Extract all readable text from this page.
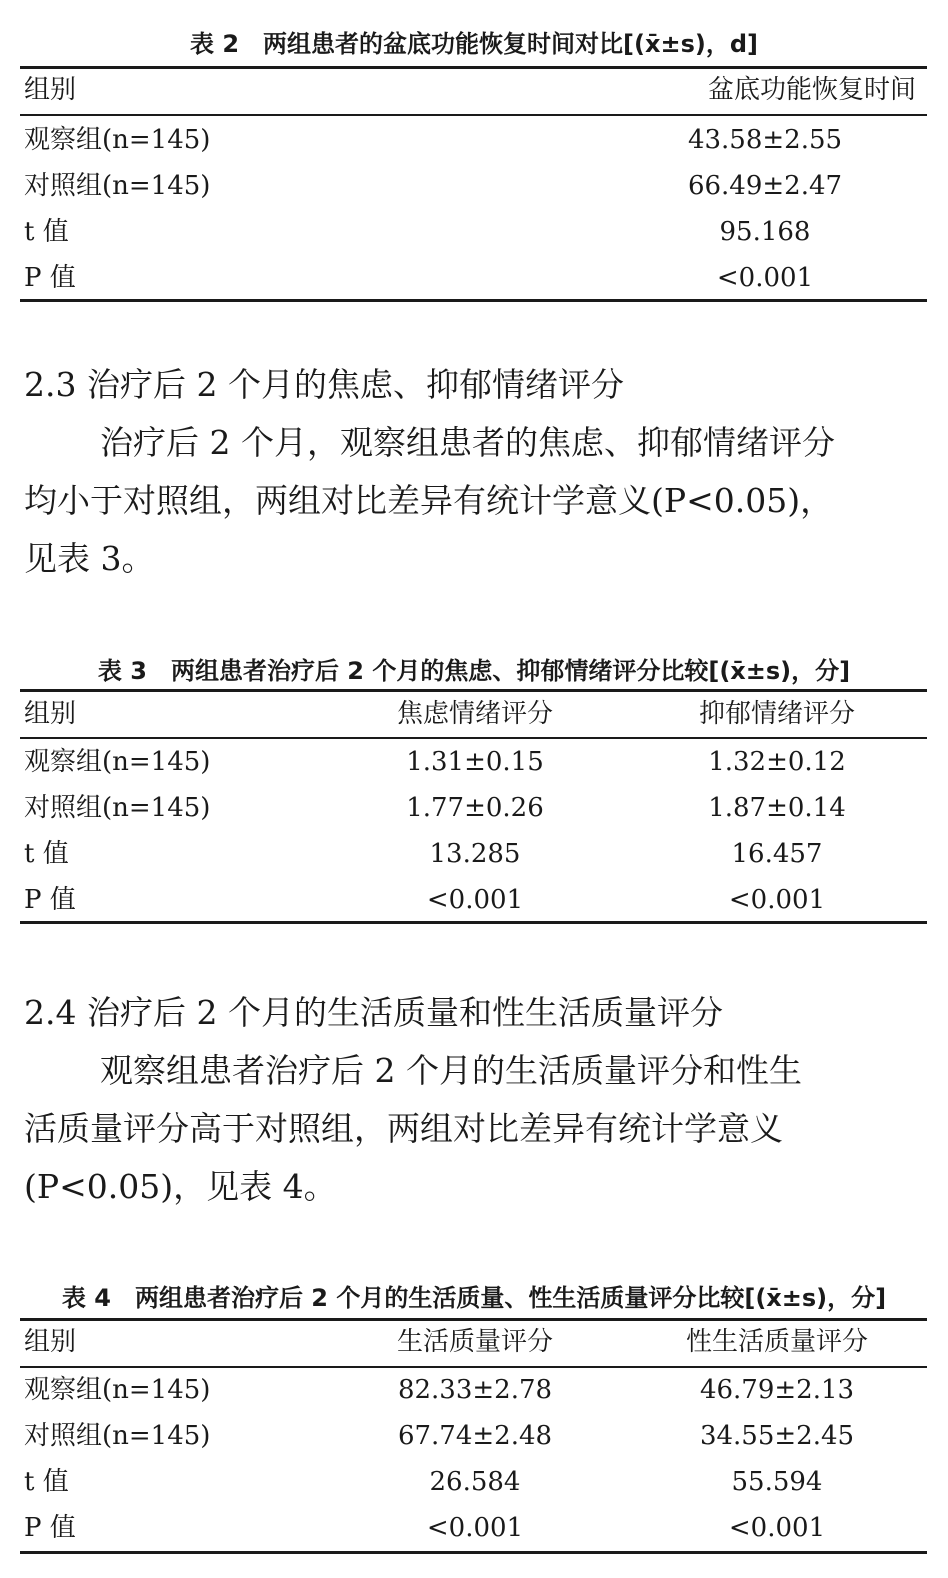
表 2　两组患者的盆底功能恢复时间对比[(x̄±s)，d]
组别	盆底功能恢复时间
观察组(n=145)	43.58±2.55
对照组(n=145)	66.49±2.47
t 值	95.168
P 值	<0.001
2.3 治疗后 2 个月的焦虑、抑郁情绪评分
治疗后 2 个月，观察组患者的焦虑、抑郁情绪评分
均小于对照组，两组对比差异有统计学意义(P<0.05)，
见表 3。
表 3　两组患者治疗后 2 个月的焦虑、抑郁情绪评分比较[(x̄±s)，分]
组别	焦虑情绪评分	抑郁情绪评分
观察组(n=145)	1.31±0.15	1.32±0.12
对照组(n=145)	1.77±0.26	1.87±0.14
t 值	13.285	16.457
P 值	<0.001	<0.001
2.4 治疗后 2 个月的生活质量和性生活质量评分
观察组患者治疗后 2 个月的生活质量评分和性生
活质量评分高于对照组，两组对比差异有统计学意义
(P<0.05)，见表 4。
表 4　两组患者治疗后 2 个月的生活质量、性生活质量评分比较[(x̄±s)，分]
组别	生活质量评分	性生活质量评分
观察组(n=145)	82.33±2.78	46.79±2.13
对照组(n=145)	67.74±2.48	34.55±2.45
t 值	26.584	55.594
P 值	<0.001	<0.001
